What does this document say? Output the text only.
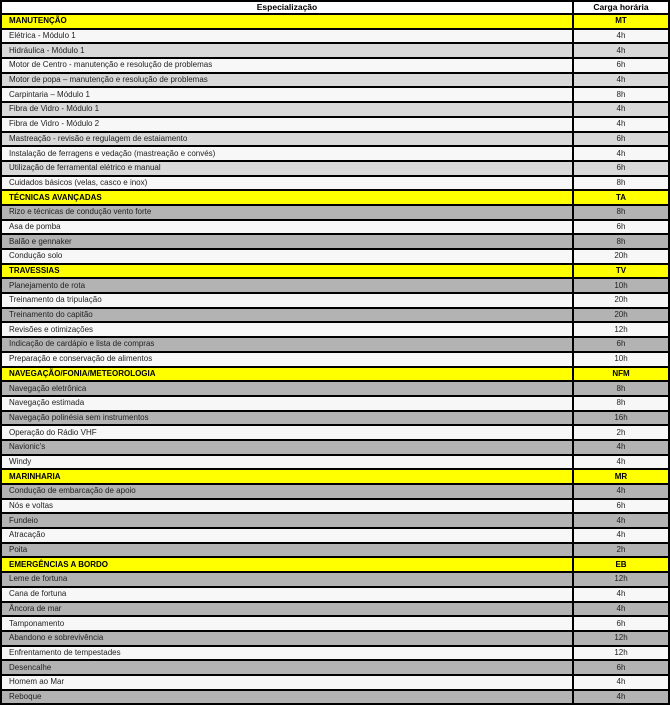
Especialização	Carga horária
MANUTENÇÃO	MT
Elétrica - Módulo 1	4h
Hidráulica - Módulo 1	4h
Motor de Centro - manutenção e resolução de problemas	6h
Motor de popa – manutenção e resolução de problemas	4h
Carpintaria – Módulo 1	8h
Fibra de Vidro - Módulo 1	4h
Fibra de Vidro - Módulo 2	4h
Mastreação - revisão e regulagem de estaiamento	6h
Instalação de ferragens e vedação (mastreação e convés)	4h
Utilização de ferramental elétrico e manual	6h
Cuidados básicos (velas, casco e inox)	8h
TÉCNICAS AVANÇADAS	TA
Rizo e técnicas de condução vento forte	8h
Asa de pomba	6h
Balão e gennaker	8h
Condução solo	20h
TRAVESSIAS	TV
Planejamento de rota	10h
Treinamento da tripulação	20h
Treinamento do capitão	20h
Revisões e otimizações	12h
Indicação de cardápio e lista de compras	6h
Preparação e conservação de alimentos	10h
NAVEGAÇÃO/FONIA/METEOROLOGIA	NFM
Navegação eletrônica	8h
Navegação estimada	8h
Navegação polinésia sem instrumentos	16h
Operação do Rádio VHF	2h
Navionic's	4h
Windy	4h
MARINHARIA	MR
Condução de embarcação de apoio	4h
Nós e voltas	6h
Fundeio	4h
Atracação	4h
Poita	2h
EMERGÊNCIAS A BORDO	EB
Leme de fortuna	12h
Cana de fortuna	4h
Âncora de mar	4h
Tamponamento	6h
Abandono e sobrevivência	12h
Enfrentamento de tempestades	12h
Desencalhe	6h
Homem ao Mar	4h
Reboque	4h
